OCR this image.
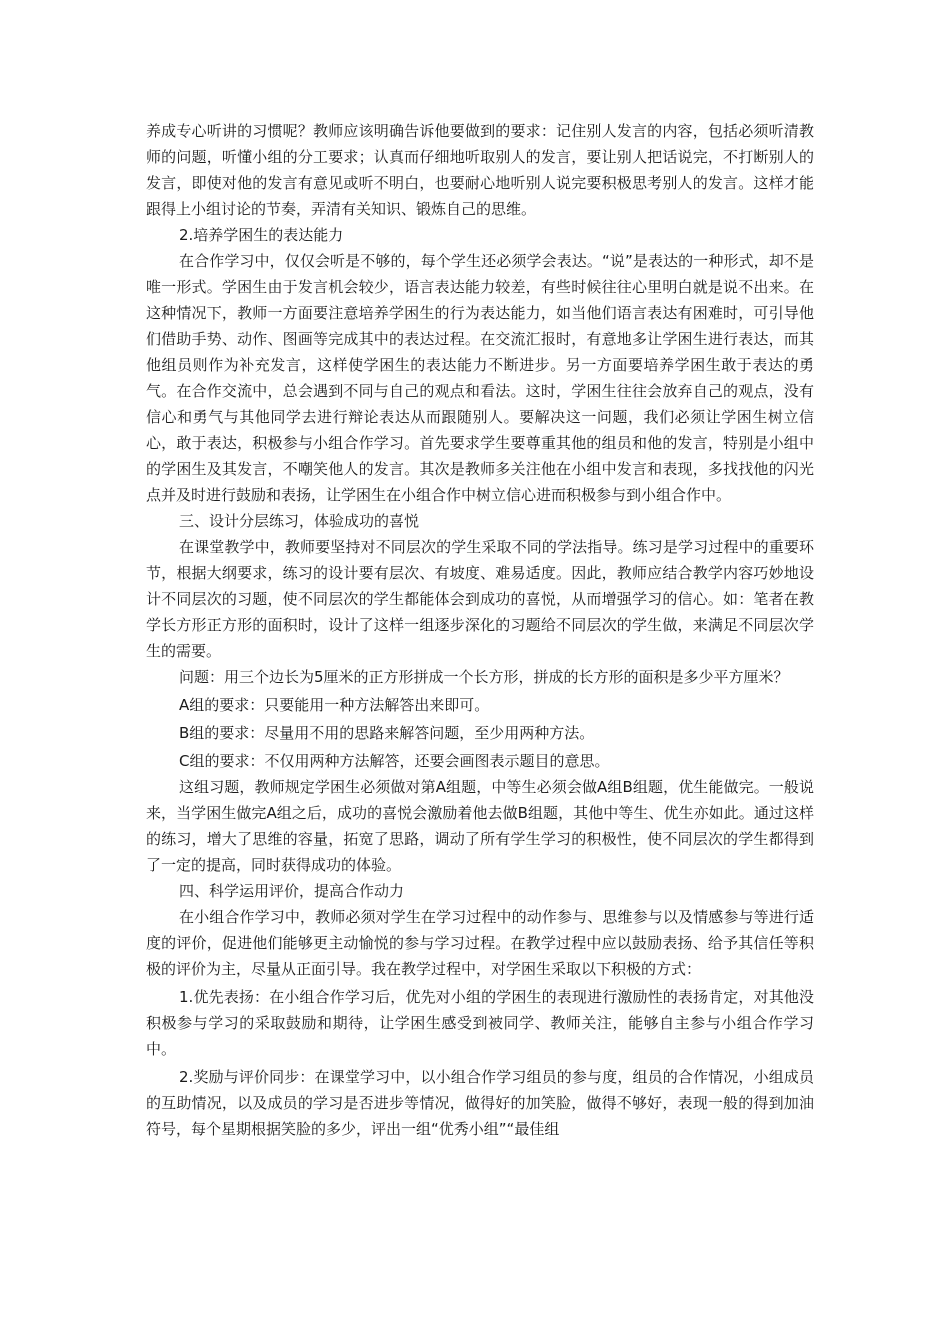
养成专心听讲的习惯呢？教师应该明确告诉他要做到的要求：记住别人发言的内容，包括必须听清教师的问题，听懂小组的分工要求；认真而仔细地听取别人的发言，要让别人把话说完，不打断别人的发言，即使对他的发言有意见或听不明白，也要耐心地听别人说完要积极思考别人的发言。这样才能跟得上小组讨论的节奏，弄清有关知识、锻炼自己的思维。

2.培养学困生的表达能力

在合作学习中，仅仅会听是不够的，每个学生还必须学会表达。“说”是表达的一种形式，却不是唯一形式。学困生由于发言机会较少，语言表达能力较差，有些时候往往心里明白就是说不出来。在这种情况下，教师一方面要注意培养学困生的行为表达能力，如当他们语言表达有困难时，可引导他们借助手势、动作、图画等完成其中的表达过程。在交流汇报时，有意地多让学困生进行表达，而其他组员则作为补充发言，这样使学困生的表达能力不断进步。另一方面要培养学困生敢于表达的勇气。在合作交流中，总会遇到不同与自己的观点和看法。这时，学困生往往会放弃自己的观点，没有信心和勇气与其他同学去进行辩论表达从而跟随别人。要解决这一问题，我们必须让学困生树立信心，敢于表达，积极参与小组合作学习。首先要求学生要尊重其他的组员和他的发言，特别是小组中的学困生及其发言，不嘲笑他人的发言。其次是教师多关注他在小组中发言和表现，多找找他的闪光点并及时进行鼓励和表扬，让学困生在小组合作中树立信心进而积极参与到小组合作中。

三、设计分层练习，体验成功的喜悦

在课堂教学中，教师要坚持对不同层次的学生采取不同的学法指导。练习是学习过程中的重要环节，根据大纲要求，练习的设计要有层次、有坡度、难易适度。因此，教师应结合教学内容巧妙地设计不同层次的习题，使不同层次的学生都能体会到成功的喜悦，从而增强学习的信心。如：笔者在教学长方形正方形的面积时，设计了这样一组逐步深化的习题给不同层次的学生做，来满足不同层次学生的需要。

问题：用三个边长为5厘米的正方形拼成一个长方形，拼成的长方形的面积是多少平方厘米？

A组的要求：只要能用一种方法解答出来即可。

B组的要求：尽量用不用的思路来解答问题，至少用两种方法。

C组的要求：不仅用两种方法解答，还要会画图表示题目的意思。

这组习题，教师规定学困生必须做对第A组题，中等生必须会做A组B组题，优生能做完。一般说来，当学困生做完A组之后，成功的喜悦会激励着他去做B组题，其他中等生、优生亦如此。通过这样的练习，增大了思维的容量，拓宽了思路，调动了所有学生学习的积极性，使不同层次的学生都得到了一定的提高，同时获得成功的体验。

四、科学运用评价，提高合作动力

在小组合作学习中，教师必须对学生在学习过程中的动作参与、思维参与以及情感参与等进行适度的评价，促进他们能够更主动愉悦的参与学习过程。在教学过程中应以鼓励表扬、给予其信任等积极的评价为主，尽量从正面引导。我在教学过程中，对学困生采取以下积极的方式：

1.优先表扬：在小组合作学习后，优先对小组的学困生的表现进行激励性的表扬肯定，对其他没积极参与学习的采取鼓励和期待，让学困生感受到被同学、教师关注，能够自主参与小组合作学习中。

2.奖励与评价同步：在课堂学习中，以小组合作学习组员的参与度，组员的合作情况，小组成员的互助情况，以及成员的学习是否进步等情况，做得好的加笑脸，做得不够好，表现一般的得到加油符号，每个星期根据笑脸的多少，评出一组“优秀小组”“最佳组
